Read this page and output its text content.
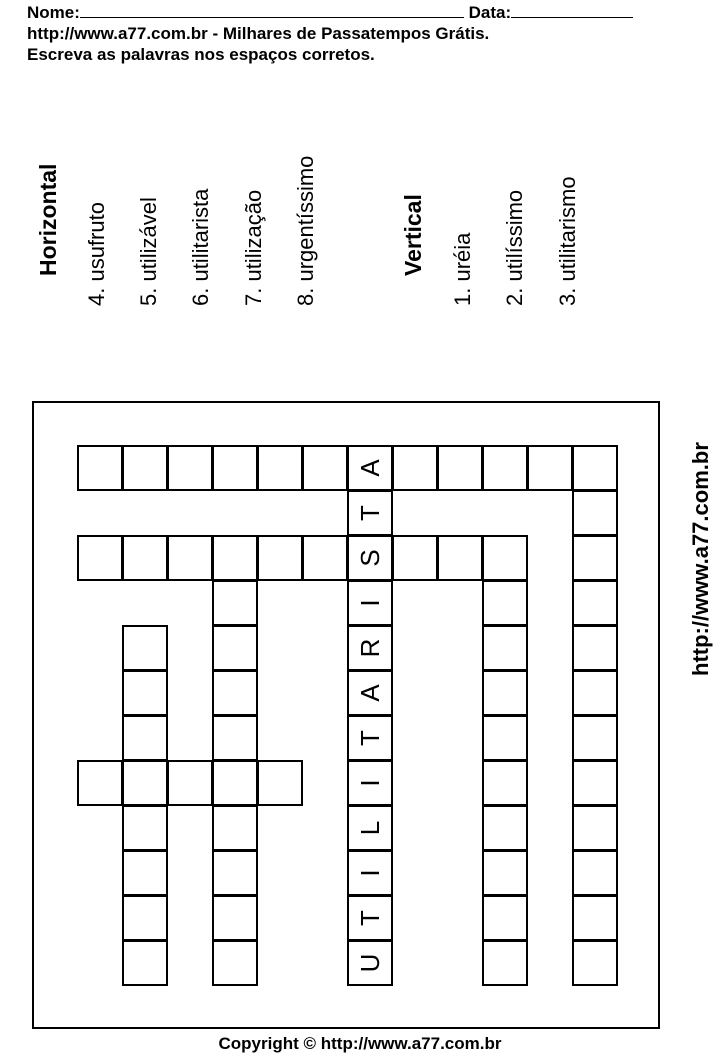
Nome:	Data:
http://www.a77.com.br - Milhares de Passatempos Grátis.
Escreva as palavras nos espaços corretos.
Horizontal 4. usufruto 5. utilizável 6. utilitarista 7. utilização 8. urgentíssimo	Vertical 1. uréia 2. utilíssimo 3. utilitarismo
http://www.a77.com.br
A
T
S
I
R
A
T
I
L
I
T
U
Copyright © http://www.a77.com.br
